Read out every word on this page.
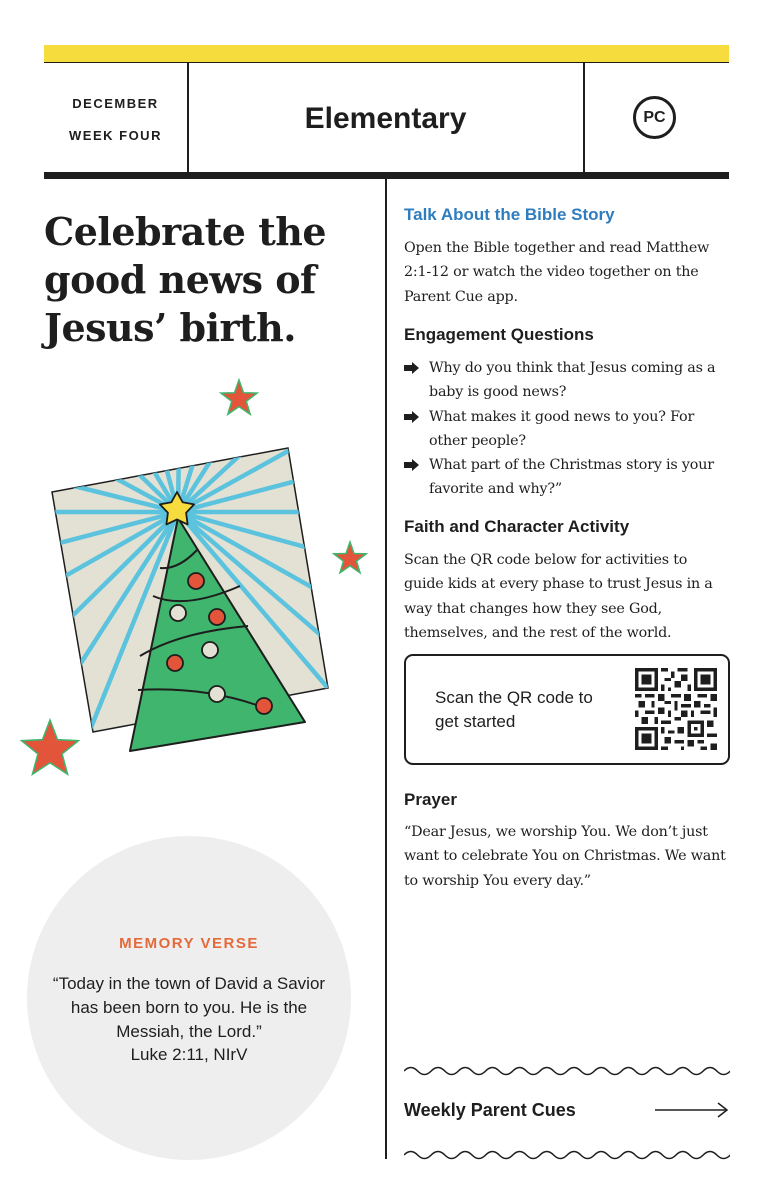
DECEMBER
WEEK FOUR
Elementary	PC
Celebrate the
good news of
Jesus’ birth.
MEMORY VERSE
“Today in the town of David a Savior has been born to you. He is the Messiah, the Lord.”
Luke 2:11, NIrV
Talk About the Bible Story
Open the Bible together and read Matthew 2:1-12 or watch the video together on the Parent Cue app.
Engagement Questions
Why do you think that Jesus coming as a baby is good news?
What makes it good news to you? For other people?
What part of the Christmas story is your favorite and why?”
Faith and Character Activity
Scan the QR code below for activities to guide kids at every phase to trust Jesus in a way that changes how they see God, themselves, and the rest of the world.
Scan the QR code to get started
Prayer
“Dear Jesus, we worship You. We don’t just want to celebrate You on Christmas. We want to worship You every day.”
Weekly Parent Cues
